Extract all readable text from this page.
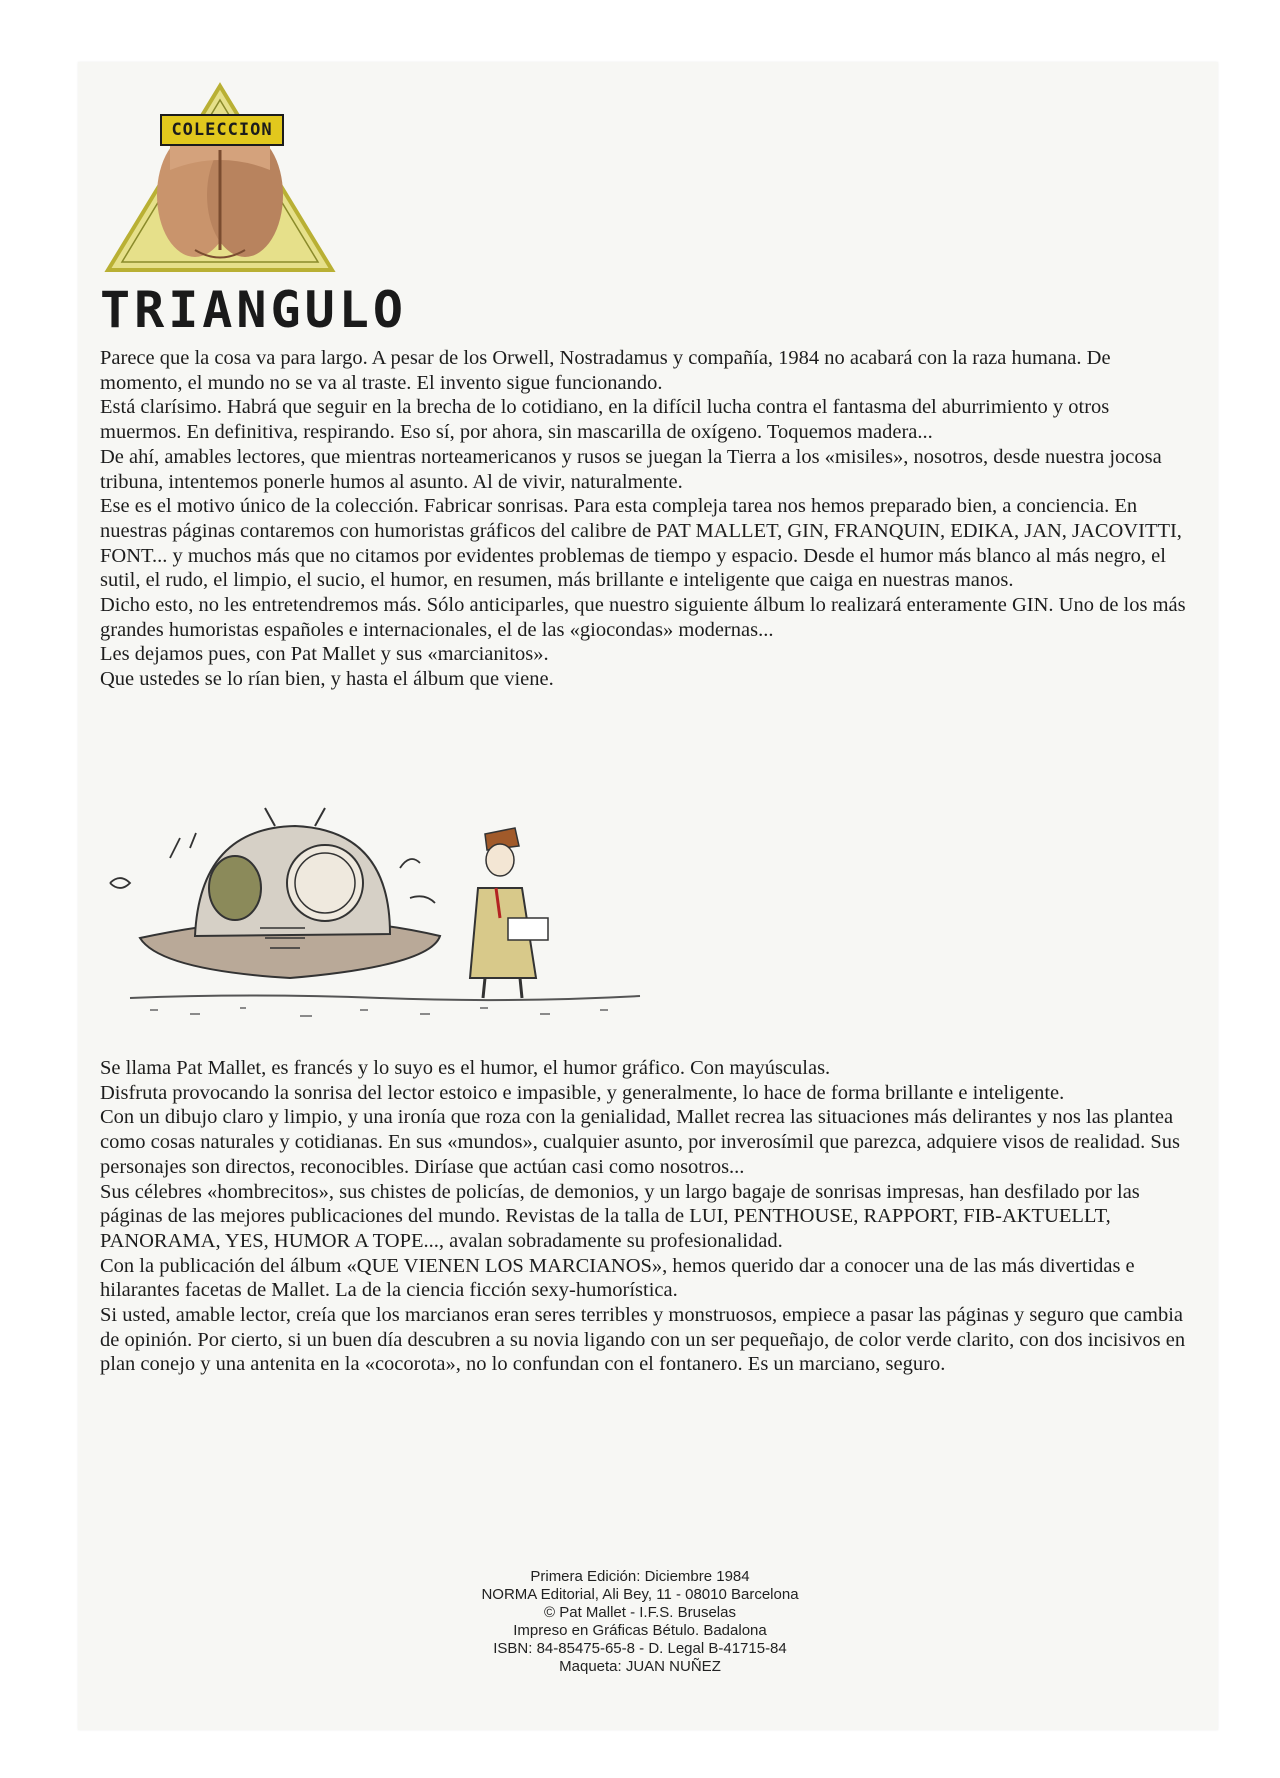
COLECCION
TRIANGULO

Parece que la cosa va para largo. A pesar de los Orwell, Nostradamus y compañía, 1984 no acabará con la raza humana. De momento, el mundo no se va al traste. El invento sigue funcionando.

Está clarísimo. Habrá que seguir en la brecha de lo cotidiano, en la difícil lucha contra el fantasma del aburrimiento y otros muermos. En definitiva, respirando. Eso sí, por ahora, sin mascarilla de oxígeno. Toquemos madera...

De ahí, amables lectores, que mientras norteamericanos y rusos se juegan la Tierra a los «misiles», nosotros, desde nuestra jocosa tribuna, intentemos ponerle humos al asunto. Al de vivir, naturalmente.

Ese es el motivo único de la colección. Fabricar sonrisas. Para esta compleja tarea nos hemos preparado bien, a conciencia. En nuestras páginas contaremos con humoristas gráficos del calibre de PAT MALLET, GIN, FRANQUIN, EDIKA, JAN, JACOVITTI, FONT... y muchos más que no citamos por evidentes problemas de tiempo y espacio. Desde el humor más blanco al más negro, el sutil, el rudo, el limpio, el sucio, el humor, en resumen, más brillante e inteligente que caiga en nuestras manos.

Dicho esto, no les entretendremos más. Sólo anticiparles, que nuestro siguiente álbum lo realizará enteramente GIN. Uno de los más grandes humoristas españoles e internacionales, el de las «giocondas» modernas...

Les dejamos pues, con Pat Mallet y sus «marcianitos».

Que ustedes se lo rían bien, y hasta el álbum que viene.

Se llama Pat Mallet, es francés y lo suyo es el humor, el humor gráfico. Con mayúsculas.

Disfruta provocando la sonrisa del lector estoico e impasible, y generalmente, lo hace de forma brillante e inteligente.

Con un dibujo claro y limpio, y una ironía que roza con la genialidad, Mallet recrea las situaciones más delirantes y nos las plantea como cosas naturales y cotidianas. En sus «mundos», cualquier asunto, por inverosímil que parezca, adquiere visos de realidad. Sus personajes son directos, reconocibles. Diríase que actúan casi como nosotros...

Sus célebres «hombrecitos», sus chistes de policías, de demonios, y un largo bagaje de sonrisas impresas, han desfilado por las páginas de las mejores publicaciones del mundo. Revistas de la talla de LUI, PENTHOUSE, RAPPORT, FIB-AKTUELLT, PANORAMA, YES, HUMOR A TOPE..., avalan sobradamente su profesionalidad.

Con la publicación del álbum «QUE VIENEN LOS MARCIANOS», hemos querido dar a conocer una de las más divertidas e hilarantes facetas de Mallet. La de la ciencia ficción sexy-humorística.

Si usted, amable lector, creía que los marcianos eran seres terribles y monstruosos, empiece a pasar las páginas y seguro que cambia de opinión. Por cierto, si un buen día descubren a su novia ligando con un ser pequeñajo, de color verde clarito, con dos incisivos en plan conejo y una antenita en la «cocorota», no lo confundan con el fontanero. Es un marciano, seguro.

Primera Edición: Diciembre 1984
NORMA Editorial, Ali Bey, 11 - 08010 Barcelona
© Pat Mallet - I.F.S. Bruselas
Impreso en Gráficas Bétulo. Badalona
ISBN: 84-85475-65-8 - D. Legal B-41715-84
Maqueta: JUAN NUÑEZ
